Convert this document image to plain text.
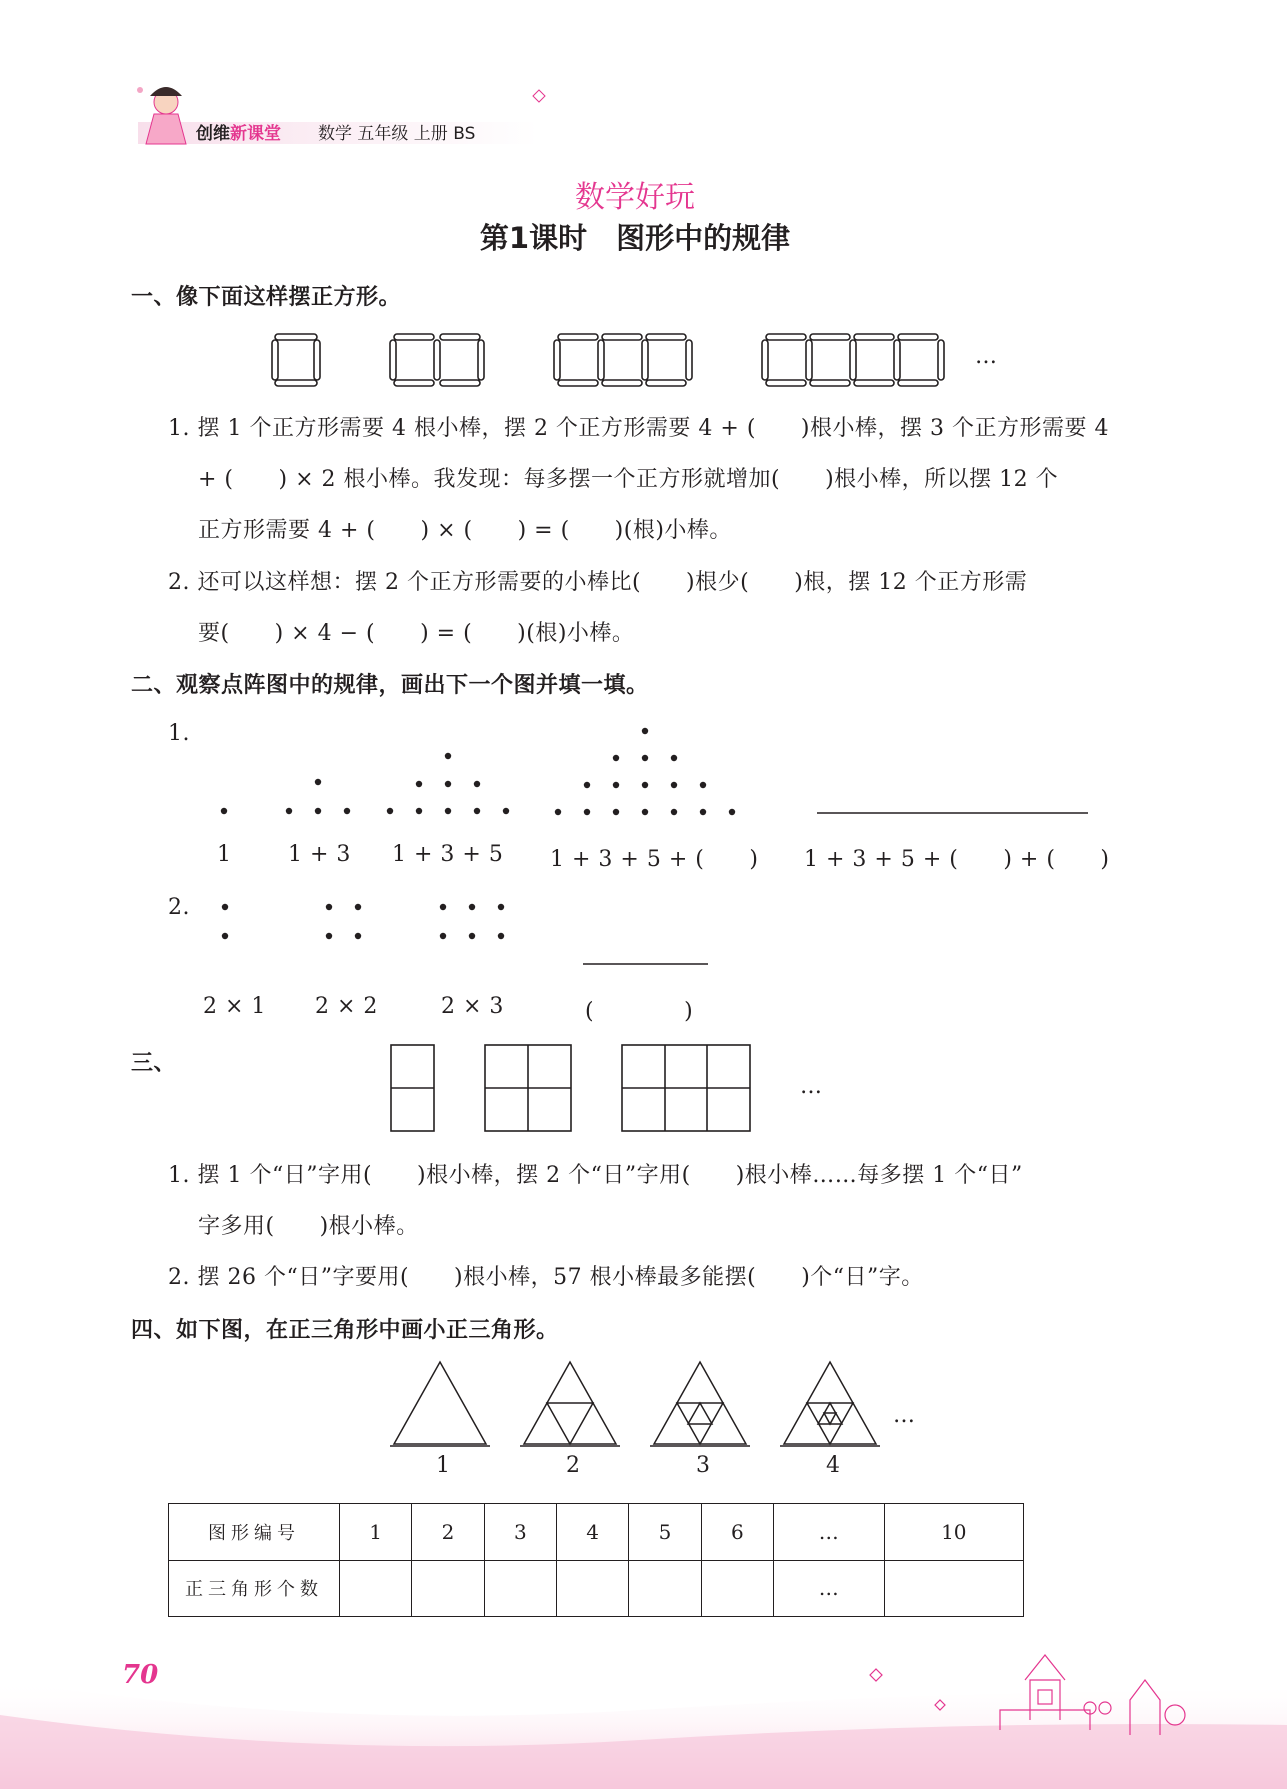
创维新课堂 数学 五年级 上册 BS
数学好玩
第1课时　图形中的规律
一、像下面这样摆正方形。
…
1. 摆 1 个正方形需要 4 根小棒，摆 2 个正方形需要 4 + (　　)根小棒，摆 3 个正方形需要 4
+ (　　) × 2 根小棒。我发现：每多摆一个正方形就增加(　　)根小棒，所以摆 12 个
正方形需要 4 + (　　) × (　　) = (　　)(根)小棒。
2. 还可以这样想：摆 2 个正方形需要的小棒比(　　)根少(　　)根，摆 12 个正方形需
要(　　) × 4 − (　　) = (　　)(根)小棒。
二、观察点阵图中的规律，画出下一个图并填一填。
1.
1	1 + 3 1 + 3 + 5 1 + 3 + 5 + (　　) 1 + 3 + 5 + (　　) + (　　)
2.
2 × 1 2 × 2	2 × 3	(　　　　)
三、
…
1. 摆 1 个“日”字用(　　)根小棒，摆 2 个“日”字用(　　)根小棒……每多摆 1 个“日”
字多用(　　)根小棒。
2. 摆 26 个“日”字要用(　　)根小棒，57 根小棒最多能摆(　　)个“日”字。
四、如下图，在正三角形中画小正三角形。
1	2	3	4
…
图形编号	1	2	3	4	5	6	…	10
正三角形个数							…	
70
